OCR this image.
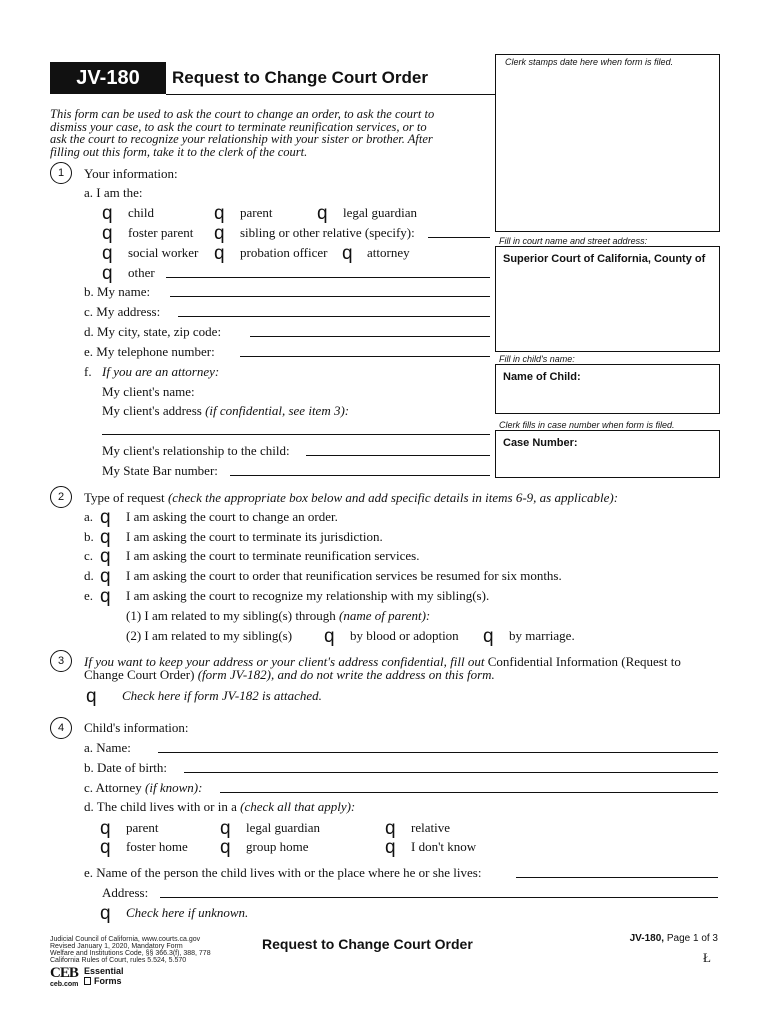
JV-180	Request to Change Court Order
Clerk stamps date here when form is filed.
Fill in court name and street address:
Superior Court of California, County of
Fill in child's name:
Name of Child:
Clerk fills in case number when form is filed.
Case Number:
This form can be used to ask the court to change an order, to ask the court to
dismiss your case, to ask the court to terminate reunification services, or to
ask the court to recognize your relationship with your sister or brother. After
filling out this form, take it to the clerk of the court.
1	Your information:
a. I am the:
q child	q parent q legal guardian
q foster parent q sibling or other relative (specify):
q social worker q probation officer q attorney
q other
b. My name:
c. My address:
d. My city, state, zip code:
e. My telephone number:
f. If you are an attorney:
My client's name:
My client's address (if confidential, see item 3):
My client's relationship to the child:
My State Bar number:
2	Type of request (check the appropriate box below and add specific details in items 6-9, as applicable):
a. q I am asking the court to change an order.
b. q I am asking the court to terminate its jurisdiction.
c. q I am asking the court to terminate reunification services.
d. q I am asking the court to order that reunification services be resumed for six months.
e. q I am asking the court to recognize my relationship with my sibling(s).
(1) I am related to my sibling(s) through (name of parent):
(2) I am related to my sibling(s) q by blood or adoption q by marriage.
3	If you want to keep your address or your client's address confidential, fill out Confidential Information (Request to
Change Court Order) (form JV-182), and do not write the address on this form.
q Check here if form JV-182 is attached.
4	Child's information:
a. Name:
b. Date of birth:
c. Attorney (if known):
d. The child lives with or in a (check all that apply):
q parent	q legal guardian	q relative
q foster home q group home	q I don't know
e. Name of the person the child lives with or the place where he or she lives:
Address:
q Check here if unknown.
Judicial Council of California, www.courts.ca.gov
Revised January 1, 2020, Mandatory Form
Welfare and Institutions Code, §§ 366.3(f), 388, 778
California Rules of Court, rules 5.524, 5.570
Request to Change Court Order	JV-180, Page 1 of 3
Ł
CEB
ceb.com
Essential
Forms
